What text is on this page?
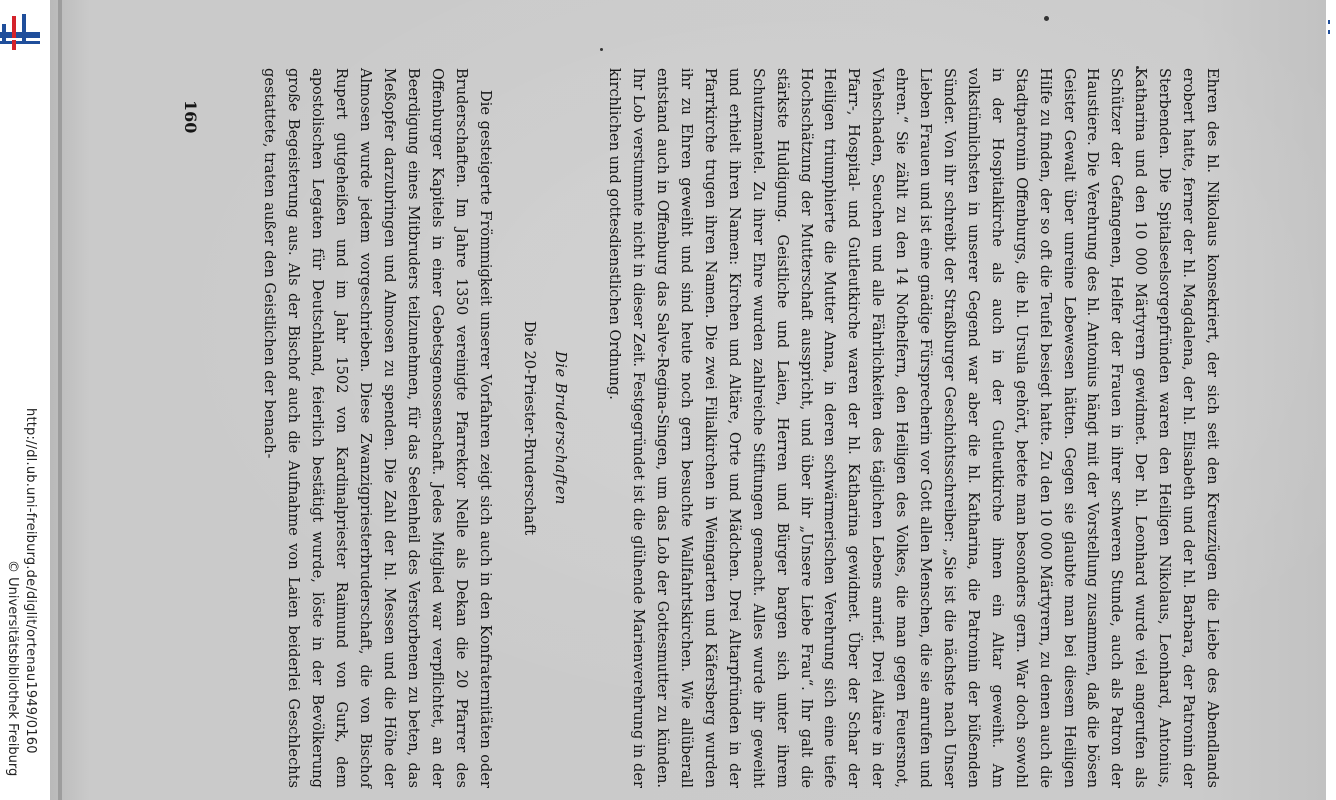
http://dl.ub.uni-freiburg.de/diglit/ortenau1949/0160
© Universitätsbibliothek Freiburg
160	Ehren des hl. Nikolaus konsekriert, der sich seit den Kreuzzügen die Liebe des Abendlands erobert hatte, ferner der hl. Magdalena, der hl. Elisabeth und der hl. Barbara, der Patronin der Sterbenden. Die Spitalseelsorgepfründen waren den Heiligen Nikolaus, Leonhard, Antonius, Katharina und den 10 000 Märtyrern gewidmet. Der hl. Leonhard wurde viel angerufen als Schützer der Gefangenen, Helfer der Frauen in ihrer schweren Stunde, auch als Patron der Haustiere. Die Verehrung des hl. Antonius hängt mit der Vorstellung zusammen, daß die bösen Geister Gewalt über unreine Lebewesen hätten. Gegen sie glaubte man bei diesem Heiligen Hilfe zu finden, der so oft die Teufel besiegt hatte. Zu den 10 000 Märtyrern, zu denen auch die Stadtpatronin Offenburgs, die hl. Ursula gehört, betete man besonders gern. War doch sowohl in der Hospitalkirche als auch in der Gutleutkirche ihnen ein Altar geweiht. Am volkstümlichsten in unserer Gegend war aber die hl. Katharina, die Patronin der büßenden Sünder. Von ihr schreibt der Straßburger Geschichtsschreiber: „Sie ist die nächste nach Unser Lieben Frauen und ist eine gnädige Fürsprecherin vor Gott allen Menschen, die sie anrufen und ehren.“ Sie zählt zu den 14 Nothelfern, den Heiligen des Volkes, die man gegen Feuersnot, Viehschaden, Seuchen und alle Fährlichkeiten des täglichen Lebens anrief. Drei Altäre in der Pfarr-, Hospital- und Gutleutkirche waren der hl. Katharina gewidmet. Über der Schar der Heiligen triumphierte die Mutter Anna, in deren schwärmerischen Verehrung sich eine tiefe Hochschätzung der Mutterschaft ausspricht, und über ihr „Unsere Liebe Frau“. Ihr galt die stärkste Huldigung. Geistliche und Laien, Herren und Bürger bargen sich unter ihrem Schutzmantel. Zu ihrer Ehre wurden zahlreiche Stiftungen gemacht. Alles wurde ihr geweiht und erhielt ihren Namen: Kirchen und Altäre, Orte und Mädchen. Drei Altarpfründen in der Pfarrkirche trugen ihren Namen. Die zwei Filialkirchen in Weingarten und Käfersberg wurden ihr zu Ehren geweiht und sind heute noch gern besuchte Wallfahrtskirchen. Wie allüberall entstand auch in Offenburg das Salve-Regina-Singen, um das Lob der Gottesmutter zu künden. Ihr Lob verstummte nicht in dieser Zeit. Festgegründet ist die glühende Marienverehrung in der kirchlichen und gottesdienstlichen Ordnung.

Die Bruderschaften
Die 20-Priester-Bruderschaft

Die gesteigerte Frömmigkeit unserer Vorfahren zeigt sich auch in den Konfraternitäten oder Bruderschaften. Im Jahre 1350 vereinigte Pfarrektor Nelle als Dekan die 20 Pfarrer des Offenburger Kapitels in einer Gebetsgenossenschaft. Jedes Mitglied war verpflichtet, an der Beerdigung eines Mitbruders teilzunehmen, für das Seelenheil des Verstorbenen zu beten, das Meßopfer darzubringen und Almosen zu spenden. Die Zahl der hl. Messen und die Höhe der Almosen wurde jedem vorgeschrieben. Diese Zwanzigpriesterbruderschaft, die von Bischof Rupert gutgeheißen und im Jahr 1502 von Kardinalpriester Raimund von Gurk, dem apostolischen Legaten für Deutschland, feierlich bestätigt wurde, löste in der Bevölkerung große Begeisterung aus. Als der Bischof auch die Aufnahme von Laien beiderlei Geschlechts gestattete, traten außer den Geistlichen der benach-
